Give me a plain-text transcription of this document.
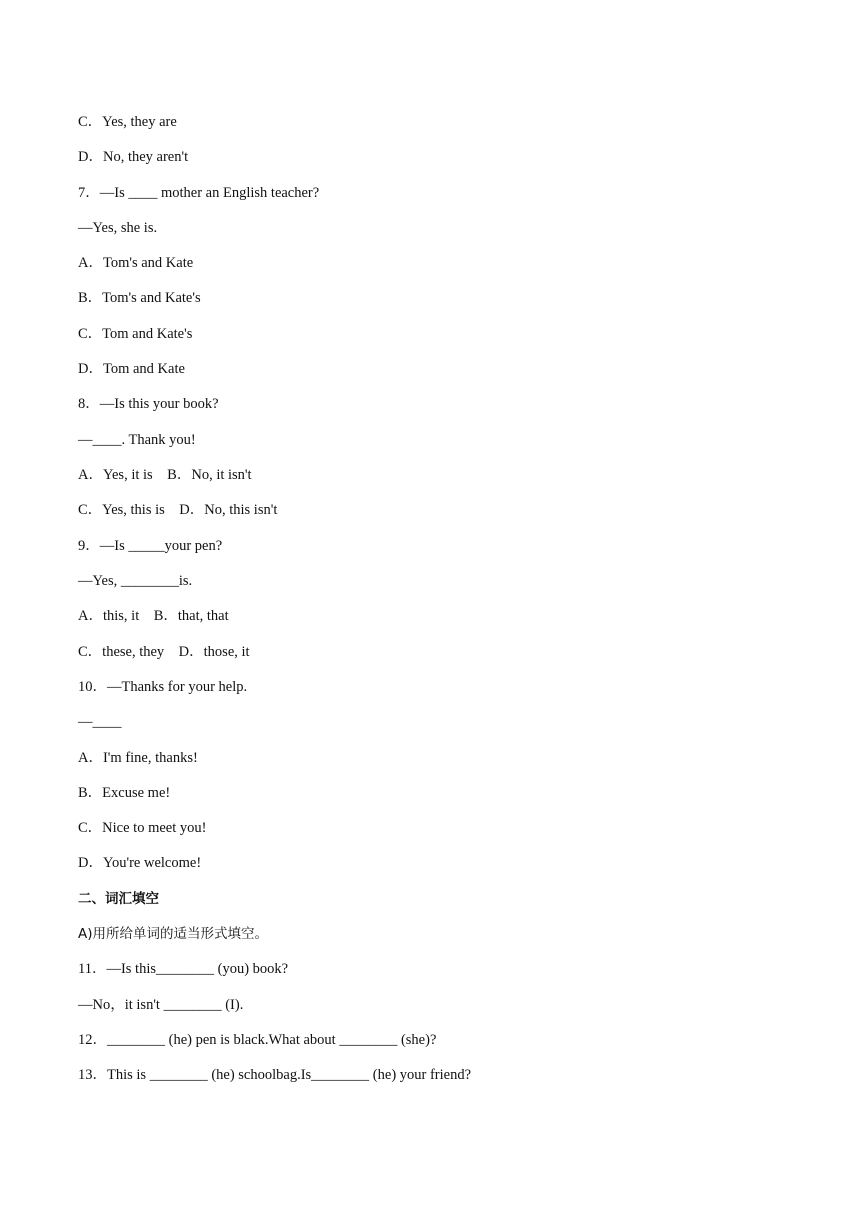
C．Yes, they are
D．No, they aren't
7．—Is ____ mother an English teacher?
—Yes, she is.
A．Tom's and Kate
B．Tom's and Kate's
C．Tom and Kate's
D．Tom and Kate
8．—Is this your book?
—____. Thank you!
A．Yes, it is    B．No, it isn't
C．Yes, this is    D．No, this isn't
9．—Is _____your pen?
—Yes, ________is.
A．this, it    B．that, that
C．these, they    D．those, it
10．—Thanks for your help.
—____
A．I'm fine, thanks!
B．Excuse me!
C．Nice to meet you!
D．You're welcome!
二、词汇填空
A)用所给单词的适当形式填空。
11．—Is this________ (you) book?
—No，it isn't ________ (I).
12．________ (he) pen is black.What about ________ (she)?
13．This is ________ (he) schoolbag.Is________ (he) your friend?
